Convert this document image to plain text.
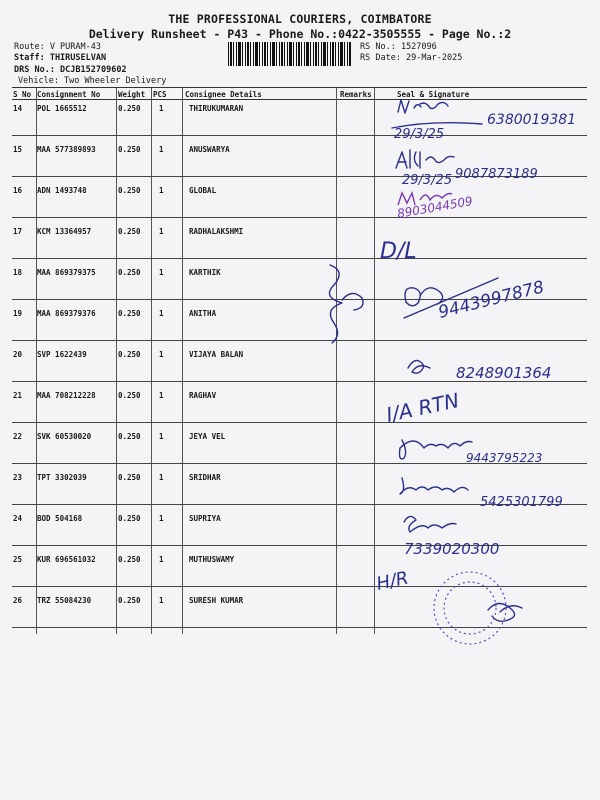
THE PROFESSIONAL COURIERS, COIMBATORE
Delivery Runsheet - P43 - Phone No.:0422-3505555 - Page No.:2
Route: V PURAM-43
Staff: THIRUSELVAN
DRS No.: DCJB152709602
Vehicle: Two Wheeler Delivery
RS No.: 1527096
RS Date: 29-Mar-2025
S No Consignment No Weight PCS Consignee Details	Remarks	Seal & Signature
14 POL 1665512	0.250 1	THIRUKUMARAN
15 MAA 577389893	0.250 1	ANUSWARYA
16 ADN 1493748	0.250 1	GLOBAL
17 KCM 13364957	0.250 1	RADHALAKSHMI
18 MAA 869379375	0.250 1	KARTHIK
19 MAA 869379376	0.250 1	ANITHA
20 SVP 1622439	0.250 1	VIJAYA BALAN
21 MAA 708212228	0.250 1	RAGHAV
22 SVK 60530020	0.250 1	JEYA VEL
23 TPT 3302039	0.250 1	SRIDHAR
24 BOD 504168	0.250 1	SUPRIYA
25 KUR 696561032	0.250 1	MUTHUSWAMY
26 TRZ 55084230	0.250 1	SURESH KUMAR
29/3/25
6380019381
29/3/25 9087873189
D/L
9443997878
8248901364
I/A RTN
9443795223
5425301799
7339020300
H/R
8903044509
